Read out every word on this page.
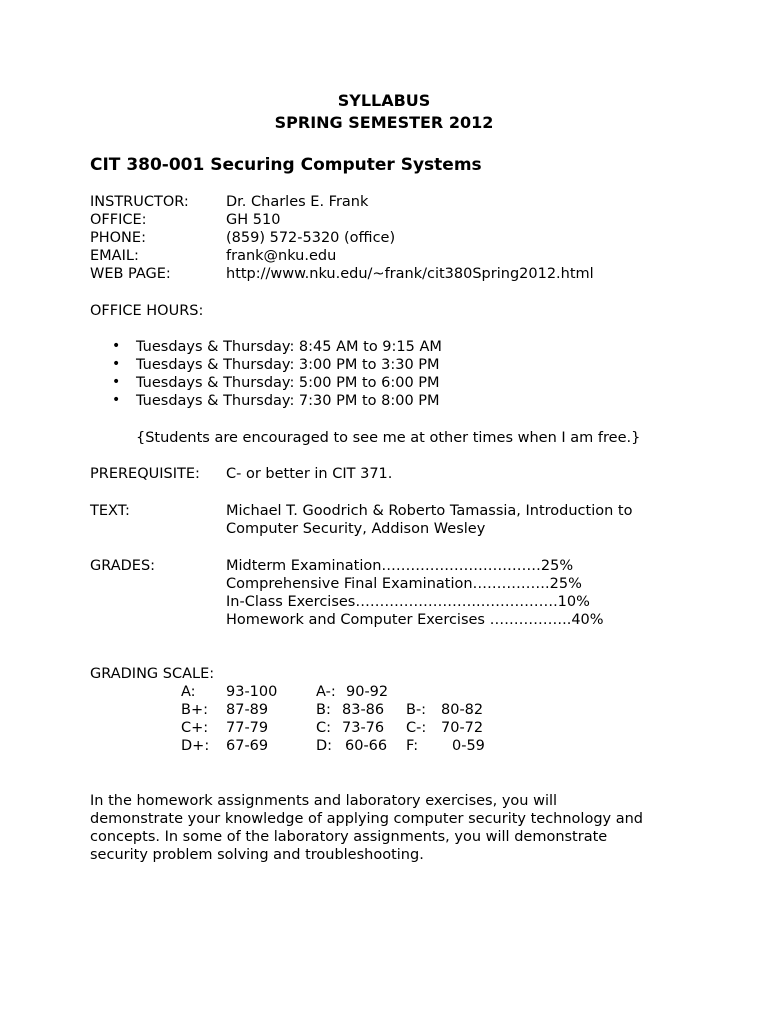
SYLLABUS
SPRING SEMESTER 2012
CIT 380-001 Securing Computer Systems
INSTRUCTOR:	Dr. Charles E. Frank
OFFICE:	GH 510
PHONE:	(859) 572-5320 (office)
EMAIL:	frank@nku.edu
WEB PAGE:	http://www.nku.edu/~frank/cit380Spring2012.html
OFFICE HOURS:
• Tuesdays & Thursday: 8:45 AM to 9:15 AM
• Tuesdays & Thursday: 3:00 PM to 3:30 PM
• Tuesdays & Thursday: 5:00 PM to 6:00 PM
• Tuesdays & Thursday: 7:30 PM to 8:00 PM
{Students are encouraged to see me at other times when I am free.}
PREREQUISITE: C- or better in CIT 371.
TEXT:	Michael T. Goodrich & Roberto Tamassia, Introduction to
Computer Security, Addison Wesley
GRADES:	Midterm Examination……………………………25%
Comprehensive Final Examination…………….25%
In-Class Exercises……………………..…………….10%
Homework and Computer Exercises ……………..40%
GRADING SCALE:
A: 93-100	A-: 90-92
B+: 87-89	B: 83-86 B-: 80-82
C+: 77-79	C: 73-76 C-: 70-72
D+: 67-69	D: 60-66 F: 0-59
In the homework assignments and laboratory exercises, you will
demonstrate your knowledge of applying computer security technology and
concepts. In some of the laboratory assignments, you will demonstrate
security problem solving and troubleshooting.
